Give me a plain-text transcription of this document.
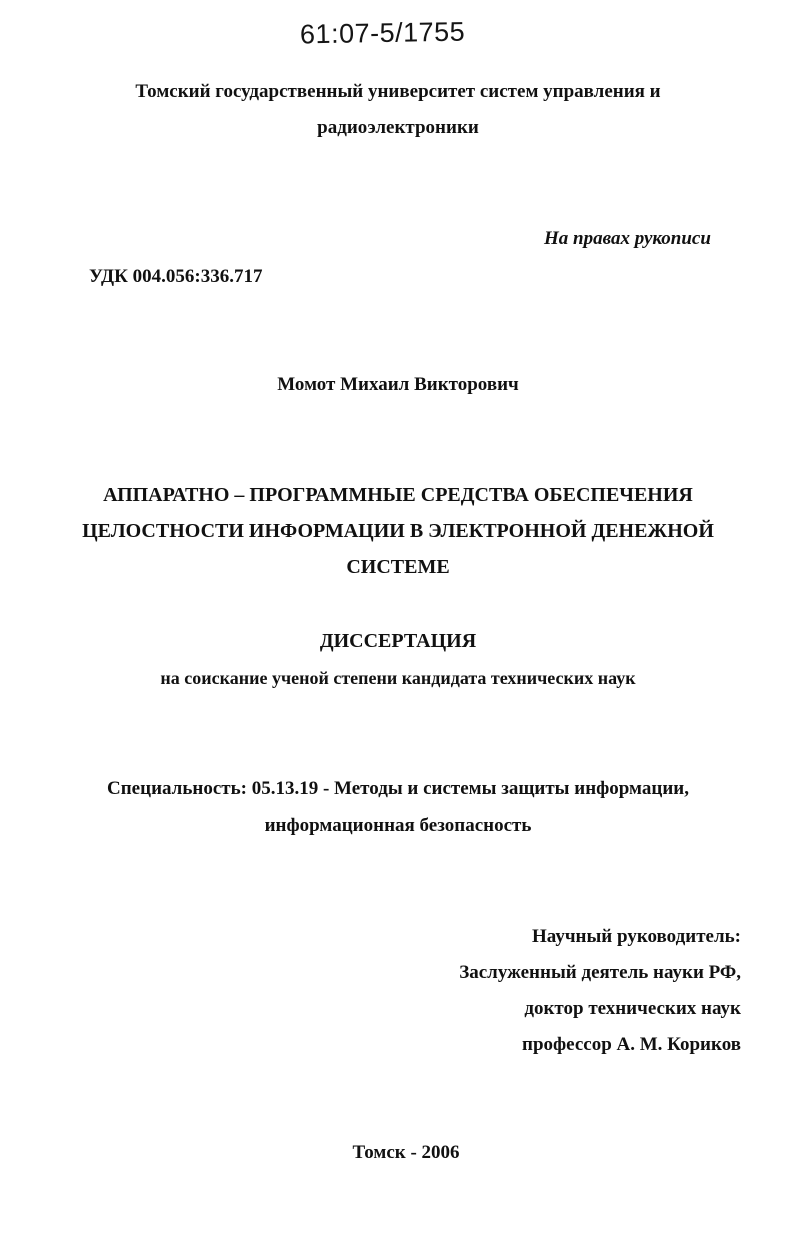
61:07-5/1755
Томский государственный университет систем управления и
радиоэлектроники
На правах рукописи
УДК 004.056:336.717
Момот Михаил Викторович
АППАРАТНО – ПРОГРАММНЫЕ СРЕДСТВА ОБЕСПЕЧЕНИЯ
ЦЕЛОСТНОСТИ ИНФОРМАЦИИ В ЭЛЕКТРОННОЙ ДЕНЕЖНОЙ
СИСТЕМЕ
ДИССЕРТАЦИЯ
на соискание ученой степени кандидата технических наук
Специальность: 05.13.19 - Методы и системы защиты информации,
информационная безопасность
Научный руководитель:
Заслуженный деятель науки РФ,
доктор технических наук
профессор А. М. Кориков
Томск - 2006
